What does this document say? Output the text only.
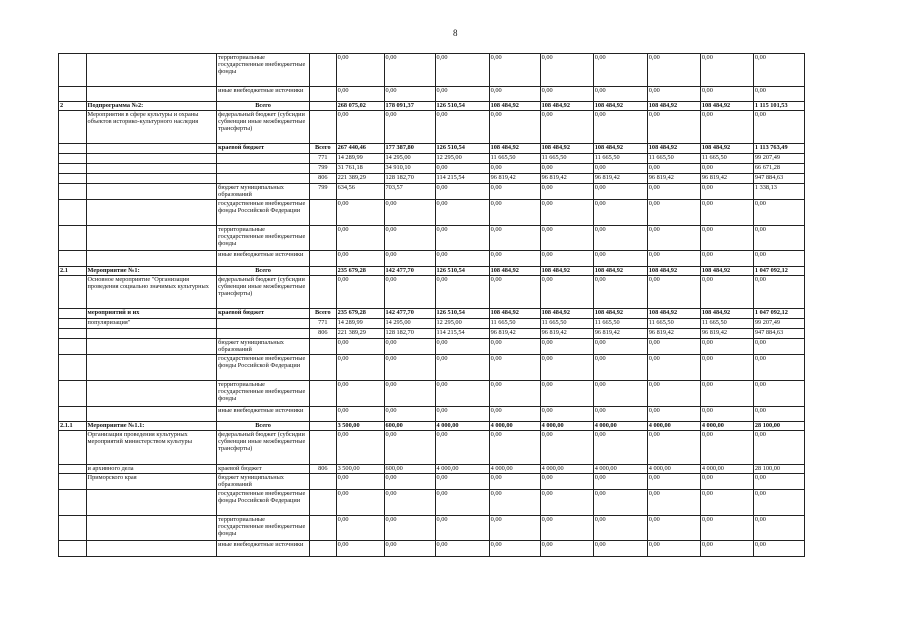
8
		территориальные государственные внебюджетные фонды		0,00	0,00	0,00	0,00	0,00	0,00	0,00	0,00	0,00
		иные внебюджетные источники		0,00	0,00	0,00	0,00	0,00	0,00	0,00	0,00	0,00
2	Подпрограмма №2:	Всего		268 075,02	178 091,37	126 510,54	108 484,92	108 484,92	108 484,92	108 484,92	108 484,92	1 115 101,53
	Мероприятия в сфере культуры и охраны объектов историко-культурного наследия	федеральный бюджет (субсидии субвенции иные межбюджетные трансферты)		0,00	0,00	0,00	0,00	0,00	0,00	0,00	0,00	0,00
		краевой бюджет	Всего	267 440,46	177 387,80	126 510,54	108 484,92	108 484,92	108 484,92	108 484,92	108 484,92	1 113 763,49
			771	14 289,99	14 295,00	12 295,00	11 665,50	11 665,50	11 665,50	11 665,50	11 665,50	99 207,49
			799	31 761,18	34 910,10	0,00	0,00	0,00	0,00	0,00	0,00	66 671,28
			806	221 389,29	128 182,70	114 215,54	96 819,42	96 819,42	96 819,42	96 819,42	96 819,42	947 884,63
		бюджет муниципальных образований	799	634,56	703,57	0,00	0,00	0,00	0,00	0,00	0,00	1 338,13
		государственные внебюджетные фонды Российской Федерации		0,00	0,00	0,00	0,00	0,00	0,00	0,00	0,00	0,00
		территориальные государственные внебюджетные фонды		0,00	0,00	0,00	0,00	0,00	0,00	0,00	0,00	0,00
		иные внебюджетные источники		0,00	0,00	0,00	0,00	0,00	0,00	0,00	0,00	0,00
2.1	Мероприятие №1:	Всего		235 679,28	142 477,70	126 510,54	108 484,92	108 484,92	108 484,92	108 484,92	108 484,92	1 047 092,12
	Основное мероприятие "Организация проведения социально значимых культурных	федеральный бюджет (субсидии субвенции иные межбюджетные трансферты)		0,00	0,00	0,00	0,00	0,00	0,00	0,00	0,00	0,00
	мероприятий и их	краевой бюджет	Всего	235 679,28	142 477,70	126 510,54	108 484,92	108 484,92	108 484,92	108 484,92	108 484,92	1 047 092,12
	популяризация"		771	14 289,99	14 295,00	12 295,00	11 665,50	11 665,50	11 665,50	11 665,50	11 665,50	99 207,49
			806	221 389,29	128 182,70	114 215,54	96 819,42	96 819,42	96 819,42	96 819,42	96 819,42	947 884,63
		бюджет муниципальных образований		0,00	0,00	0,00	0,00	0,00	0,00	0,00	0,00	0,00
		государственные внебюджетные фонды Российской Федерации		0,00	0,00	0,00	0,00	0,00	0,00	0,00	0,00	0,00
		территориальные государственные внебюджетные фонды		0,00	0,00	0,00	0,00	0,00	0,00	0,00	0,00	0,00
		иные внебюджетные источники		0,00	0,00	0,00	0,00	0,00	0,00	0,00	0,00	0,00
2.1.1	Мероприятие №1.1:	Всего		3 500,00	600,00	4 000,00	4 000,00	4 000,00	4 000,00	4 000,00	4 000,00	28 100,00
	Организация проведения культурных мероприятий министерством культуры	федеральный бюджет (субсидии субвенции иные межбюджетные трансферты)		0,00	0,00	0,00	0,00	0,00	0,00	0,00	0,00	0,00
	и архивного дела	краевой бюджет	806	3 500,00	600,00	4 000,00	4 000,00	4 000,00	4 000,00	4 000,00	4 000,00	28 100,00
	Приморского края	бюджет муниципальных образований		0,00	0,00	0,00	0,00	0,00	0,00	0,00	0,00	0,00
		государственные внебюджетные фонды Российской Федерации		0,00	0,00	0,00	0,00	0,00	0,00	0,00	0,00	0,00
		территориальные государственные внебюджетные фонды		0,00	0,00	0,00	0,00	0,00	0,00	0,00	0,00	0,00
		иные внебюджетные источники		0,00	0,00	0,00	0,00	0,00	0,00	0,00	0,00	0,00
